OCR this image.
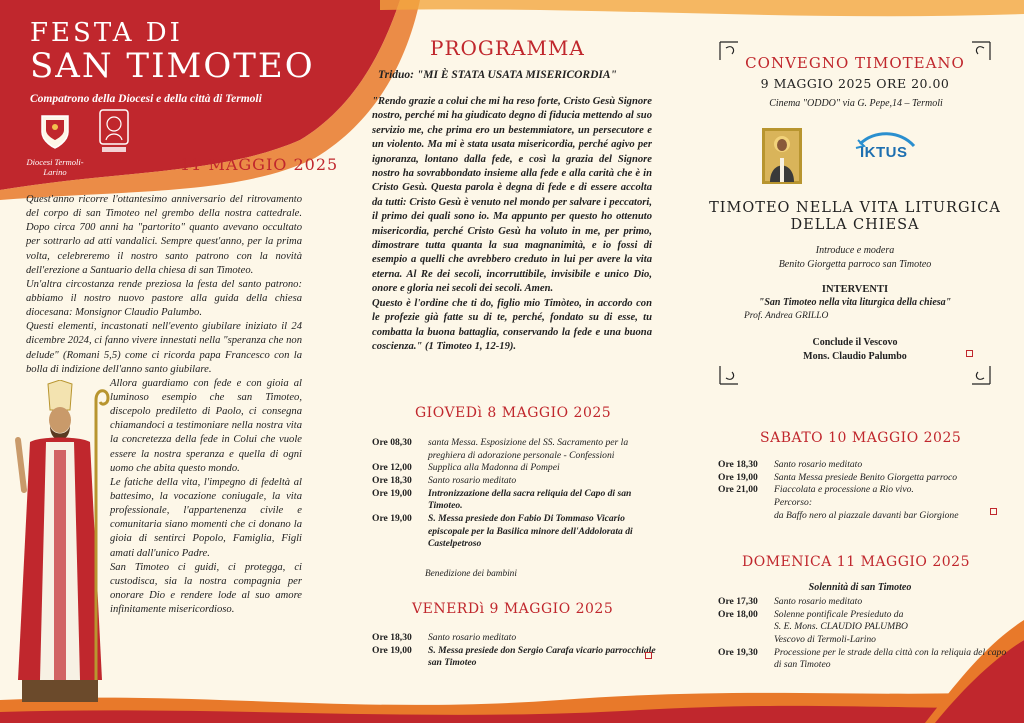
FESTA DI
SAN TIMOTEO
Compatrono della Diocesi e della città di Termoli
Diocesi Termoli-Larino	11 MAGGIO 2025

Quest'anno ricorre l'ottantesimo anniversario del ritrovamento del corpo di san Timoteo nel grembo della nostra cattedrale. Dopo circa 700 anni ha "partorito" quanto avevano occultato per sottrarlo ad atti vandalici. Sempre quest'anno, per la prima volta, celebreremo il nostro santo patrono con la novità dell'erezione a Santuario della chiesa di san Timoteo.

Un'altra circostanza rende preziosa la festa del santo patrono: abbiamo il nostro nuovo pastore alla guida della chiesa diocesana: Monsignor Claudio Palumbo.

Questi elementi, incastonati nell'evento giubilare iniziato il 24 dicembre 2024, ci fanno vivere innestati nella "speranza che non delude" (Romani 5,5) come ci ricorda papa Francesco con la bolla di indizione dell'anno santo giubilare.

Allora guardiamo con fede e con gioia al luminoso esempio che san Timoteo, discepolo prediletto di Paolo, ci consegna chiamandoci a testimoniare nella nostra vita la concretezza della fede in Colui che vuole essere la nostra speranza e quella di ogni uomo che abita questo mondo.

Le fatiche della vita, l'impegno di fedeltà al battesimo, la vocazione coniugale, la vita professionale, l'appartenenza civile e comunitaria siano momenti che ci donano la gioia di sentirci Popolo, Famiglia, Figli amati dall'unico Padre.

San Timoteo ci guidi, ci protegga, ci custodisca, sia la nostra compagnia per onorare Dio e rendere lode al suo amore infinitamente misericordioso.

PROGRAMMA
Triduo: "MI È STATA USATA MISERICORDIA"

"Rendo grazie a colui che mi ha reso forte, Cristo Gesù Signore nostro, perché mi ha giudicato degno di fiducia mettendo al suo servizio me, che prima ero un bestemmiatore, un persecutore e un violento. Ma mi è stata usata misericordia, perché agivo per ignoranza, lontano dalla fede, e così la grazia del Signore nostro ha sovrabbondato insieme alla fede e alla carità che è in Cristo Gesù. Questa parola è degna di fede e di essere accolta da tutti: Cristo Gesù è venuto nel mondo per salvare i peccatori, il primo dei quali sono io. Ma appunto per questo ho ottenuto misericordia, perché Cristo Gesù ha voluto in me, per primo, dimostrare tutta quanta la sua magnanimità, e io fossi di esempio a quelli che avrebbero creduto in lui per avere la vita eterna. Al Re dei secoli, incorruttibile, invisibile e unico Dio, onore e gloria nei secoli dei secoli. Amen.

Questo è l'ordine che ti do, figlio mio Timòteo, in accordo con le profezie già fatte su di te, perché, fondato su di esse, tu combatta la buona battaglia, conservando la fede e una buona coscienza." (1 Timoteo 1, 12-19).

GIOVEDì 8 MAGGIO 2025
Ore 08,30	santa Messa. Esposizione del SS. Sacramento per la preghiera di adorazione personale - Confessioni
Ore 12,00	Supplica alla Madonna di Pompei
Ore 18,30	Santo rosario meditato
Ore 19,00	Intronizzazione della sacra reliquia del Capo di san Timoteo.
Ore 19,00	S. Messa presiede don Fabio Di Tommaso Vicario episcopale per la Basilica minore dell'Addolorata di Castelpetroso
Benedizione dei bambini
VENERDì 9 MAGGIO 2025
Ore 18,30	Santo rosario meditato
Ore 19,00	S. Messa presiede don Sergio Carafa vicario parrocchiale san Timoteo
CONVEGNO TIMOTEANO
9 MAGGIO 2025 ORE 20.00
Cinema "ODDO" via G. Pepe,14 – Termoli
IKTUS
TIMOTEO NELLA VITA LITURGICA DELLA CHIESA
Introduce e modera
Benito Giorgetta parroco san Timoteo
INTERVENTI
"San Timoteo nella vita liturgica della chiesa"
Prof. Andrea GRILLO
Conclude il Vescovo
Mons. Claudio Palumbo
SABATO 10 MAGGIO 2025
Ore 18,30	Santo rosario meditato
Ore 19,00	Santa Messa presiede Benito Giorgetta parroco
Ore 21,00	Fiaccolata e processione a Rio vivo.
Percorso:
da Baffo nero al piazzale davanti bar Giorgione
DOMENICA 11 MAGGIO 2025
Solennità di san Timoteo
Ore 17,30	Santo rosario meditato
Ore 18,00	Solenne pontificale Presieduto da
S. E. Mons. CLAUDIO PALUMBO
Vescovo di Termoli-Larino
Ore 19,30	Processione per le strade della città con la reliquia del capo di san Timoteo
